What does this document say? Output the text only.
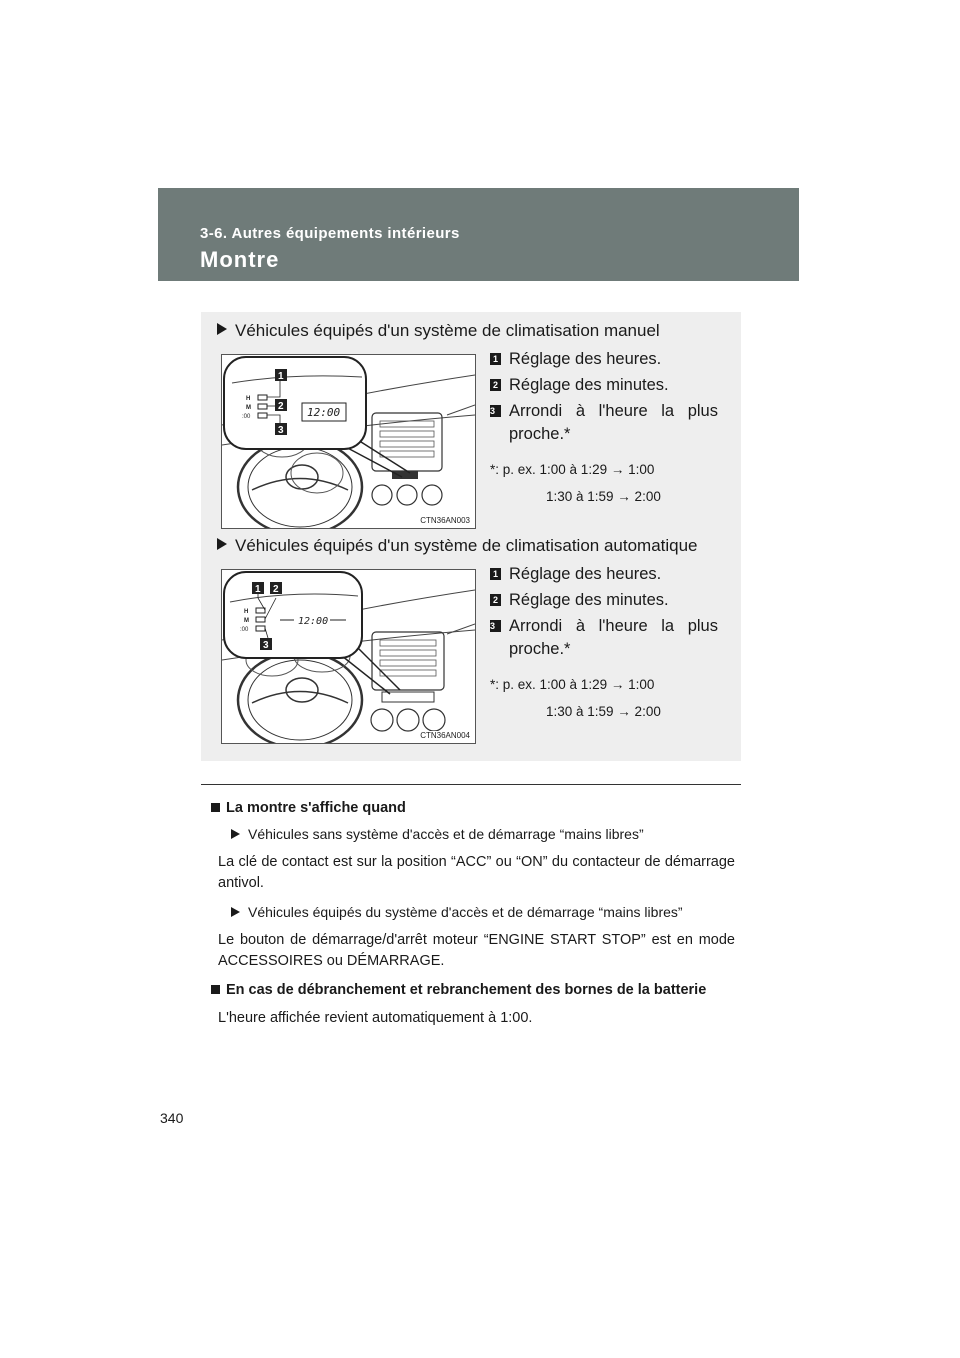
3-6. Autres équipements intérieurs
Montre
Véhicules équipés d'un système de climatisation manuel
H
M
:00
1
2
3
12:00
CTN36AN003
1 Réglage des heures.
2 Réglage des minutes.
3 Arrondi à l'heure la plus proche.*
*: p. ex. 1:00 à 1:29 → 1:00
1:30 à 1:59 → 2:00
Véhicules équipés d'un système de climatisation automatique
H
M
:00
1 2
3
12:00
CTN36AN004
1 Réglage des heures.
2 Réglage des minutes.
3 Arrondi à l'heure la plus proche.*
*: p. ex. 1:00 à 1:29 → 1:00
1:30 à 1:59 → 2:00
La montre s'affiche quand
Véhicules sans système d'accès et de démarrage “mains libres”
La clé de contact est sur la position “ACC” ou “ON” du contacteur de démarrage antivol.
Véhicules équipés du système d'accès et de démarrage “mains libres”
Le bouton de démarrage/d'arrêt moteur “ENGINE START STOP” est en mode ACCESSOIRES ou DÉMARRAGE.
En cas de débranchement et rebranchement des bornes de la batterie
L'heure affichée revient automatiquement à 1:00.
340
